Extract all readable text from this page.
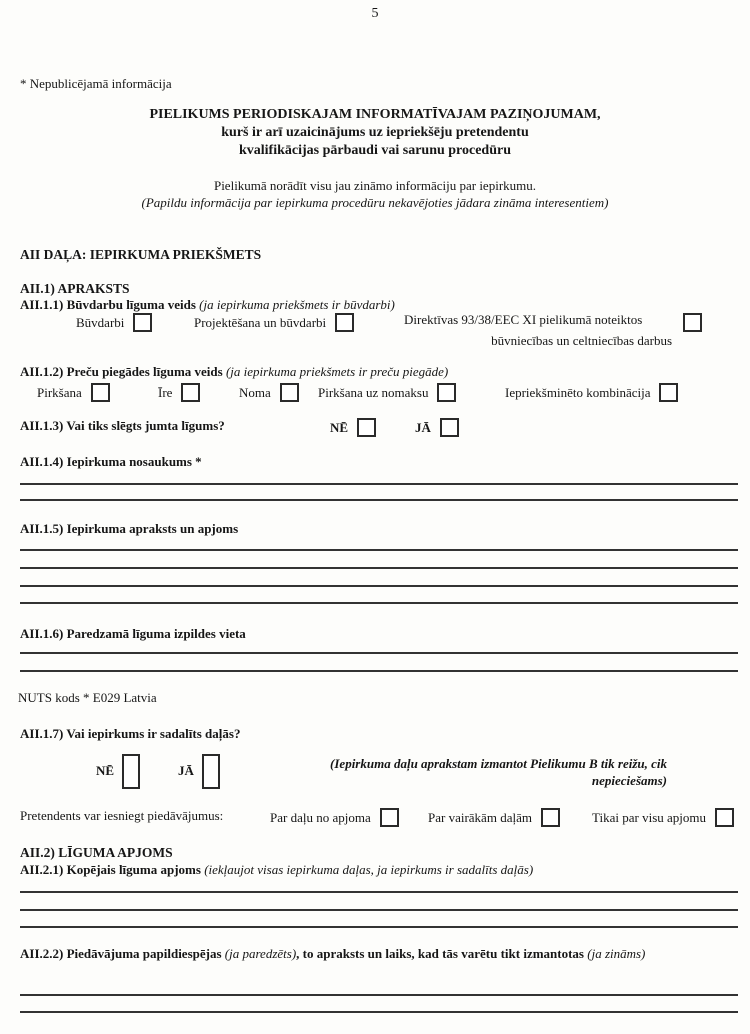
5
* Nepublicējamā informācija
PIELIKUMS PERIODISKAJAM INFORMATĪVAJAM PAZIŅOJUMAM,
kurš ir arī uzaicinājums uz iepriekšēju pretendentu
kvalifikācijas pārbaudi vai sarunu procedūru
Pielikumā norādīt visu jau zināmo informāciju par iepirkumu.
(Papildu informācija par iepirkuma procedūru nekavējoties jādara zināma interesentiem)
AII DAĻA: IEPIRKUMA PRIEKŠMETS
AII.1) APRAKSTS
AII.1.1) Būvdarbu līguma veids (ja iepirkuma priekšmets ir būvdarbi)
Būvdarbi	Projektēšana un būvdarbi	Direktīvas 93/38/EEC XI pielikumā noteiktos
būvniecības un celtniecības darbus
AII.1.2) Preču piegādes līguma veids (ja iepirkuma priekšmets ir preču piegāde)
Pirkšana	Īre	Noma	Pirkšana uz nomaksu	Iepriekšminēto kombinācija
AII.1.3) Vai tiks slēgts jumta līgums?	NĒ	JĀ
AII.1.4) Iepirkuma nosaukums *
AII.1.5) Iepirkuma apraksts un apjoms
AII.1.6) Paredzamā līguma izpildes vieta
NUTS kods * E029 Latvia
AII.1.7) Vai iepirkums ir sadalīts daļās?
NĒ	JĀ	(Iepirkuma daļu aprakstam izmantot Pielikumu B tik reižu, cik nepieciešams)
Pretendents var iesniegt piedāvājumus:	Par daļu no apjoma	Par vairākām daļām	Tikai par visu apjomu
AII.2) LĪGUMA APJOMS
AII.2.1) Kopējais līguma apjoms (iekļaujot visas iepirkuma daļas, ja iepirkums ir sadalīts daļās)
AII.2.2) Piedāvājuma papildiespējas (ja paredzēts), to apraksts un laiks, kad tās varētu tikt izmantotas (ja zināms)
